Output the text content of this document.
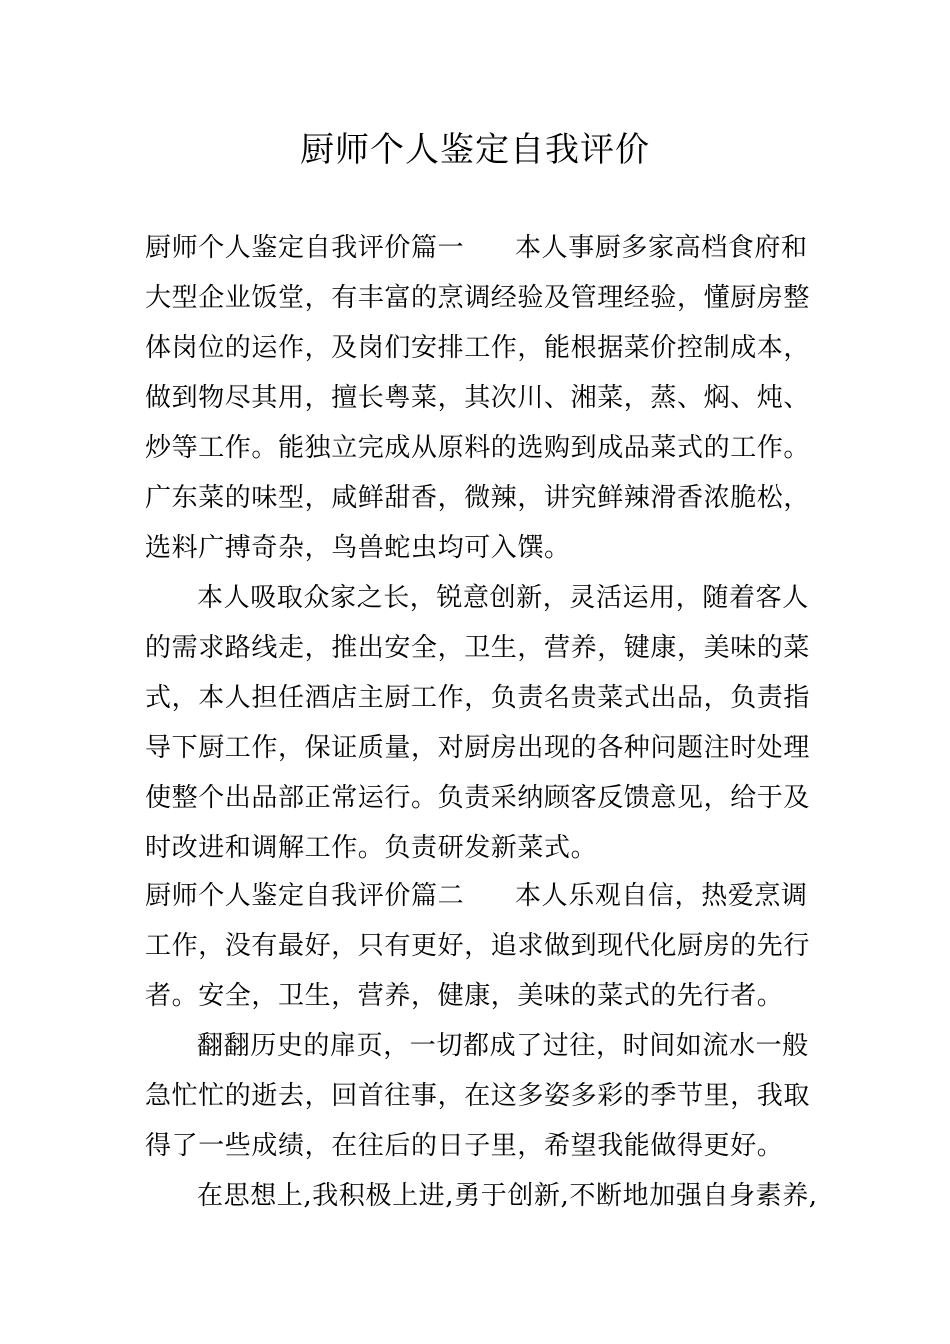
厨师个人鉴定自我评价
厨师个人鉴定自我评价篇一 本人事厨多家高档食府和
大型企业饭堂，有丰富的烹调经验及管理经验，懂厨房整
体岗位的运作，及岗们安排工作，能根据菜价控制成本，
做到物尽其用，擅长粤菜，其次川、湘菜，蒸、焖、炖、
炒等工作。能独立完成从原料的选购到成品菜式的工作。
广东菜的味型，咸鲜甜香，微辣，讲究鲜辣滑香浓脆松，
选料广搏奇杂，鸟兽蛇虫均可入馔。
本人吸取众家之长，锐意创新，灵活运用，随着客人
的需求路线走，推出安全，卫生，营养，键康，美味的菜
式，本人担任酒店主厨工作，负责名贵菜式出品，负责指
导下厨工作，保证质量，对厨房出现的各种问题注时处理
使整个出品部正常运行。负责采纳顾客反馈意见，给于及
时改进和调解工作。负责研发新菜式。
厨师个人鉴定自我评价篇二 本人乐观自信，热爱烹调
工作，没有最好，只有更好，追求做到现代化厨房的先行
者。安全，卫生，营养，健康，美味的菜式的先行者。
翻翻历史的扉页，一切都成了过往，时间如流水一般
急忙忙的逝去，回首往事，在这多姿多彩的季节里，我取
得了一些成绩，在往后的日子里，希望我能做得更好。
在思想上,我积极上进,勇于创新,不断地加强自身素养,
